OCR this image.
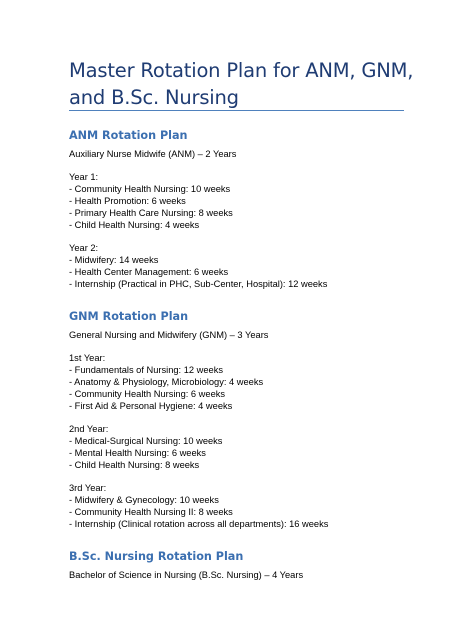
Master Rotation Plan for ANM, GNM, and B.Sc. Nursing
ANM Rotation Plan
Auxiliary Nurse Midwife (ANM) – 2 Years
Year 1:
- Community Health Nursing: 10 weeks
- Health Promotion: 6 weeks
- Primary Health Care Nursing: 8 weeks
- Child Health Nursing: 4 weeks
Year 2:
- Midwifery: 14 weeks
- Health Center Management: 6 weeks
- Internship (Practical in PHC, Sub-Center, Hospital): 12 weeks
GNM Rotation Plan
General Nursing and Midwifery (GNM) – 3 Years
1st Year:
- Fundamentals of Nursing: 12 weeks
- Anatomy & Physiology, Microbiology: 4 weeks
- Community Health Nursing: 6 weeks
- First Aid & Personal Hygiene: 4 weeks
2nd Year:
- Medical-Surgical Nursing: 10 weeks
- Mental Health Nursing: 6 weeks
- Child Health Nursing: 8 weeks
3rd Year:
- Midwifery & Gynecology: 10 weeks
- Community Health Nursing II: 8 weeks
- Internship (Clinical rotation across all departments): 16 weeks
B.Sc. Nursing Rotation Plan
Bachelor of Science in Nursing (B.Sc. Nursing) – 4 Years
